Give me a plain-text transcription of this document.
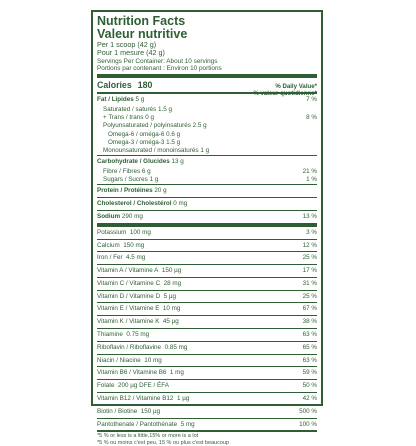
Nutrition Facts
Valeur nutritive
Per 1 scoop (42 g)
Pour 1 mesure (42 g)
Servings Per Container: About 10 servings
Portions par contenant : Environ 10 portions
Calories 180	% Daily Value*
% valeur quotidienne*
Fat / Lipides 5 g	7 %
Saturated / saturés 1.5 g
+ Trans / trans 0 g	8 %
Polyunsaturated / polyinsaturés 2.5 g
Omega-6 / oméga-6 0.6 g
Omega-3 / oméga-3 1.5 g
Monounsaturated / monoinsaturés 1 g
Carbohydrate / Glucides 13 g
Fibre / Fibres 6 g	21 %
Sugars / Sucres 1 g	1 %
Protein / Protéines 20 g
Cholesterol / Cholestérol 0 mg
Sodium 290 mg	13 %
Potassium 100 mg	3 %
Calcium 150 mg	12 %
Iron / Fer 4.5 mg	25 %
Vitamin A / Vitamine A 150 µg	17 %
Vitamin C / Vitamine C 28 mg	31 %
Vitamin D / Vitamine D 5 µg	25 %
Vitamin E / Vitamine E 10 mg	67 %
Vitamin K / Vitamine K 45 µg	38 %
Thiamine 0.75 mg	63 %
Riboflavin / Riboflavine 0.85 mg	65 %
Niacin / Niacine 10 mg	63 %
Vitamin B6 / Vitamine B6 1 mg	59 %
Folate 200 µg DFE / ÉFA	50 %
Vitamin B12 / Vitamine B12 1 µg	42 %
Biotin / Biotine 150 µg	500 %
Pantothenate / Pantothénate 5 mg	100 %
*5 % or less is a little,15% or more is a lot
*5 % ou moins c'est peu, 15 % ou plus c'est beaucoup
